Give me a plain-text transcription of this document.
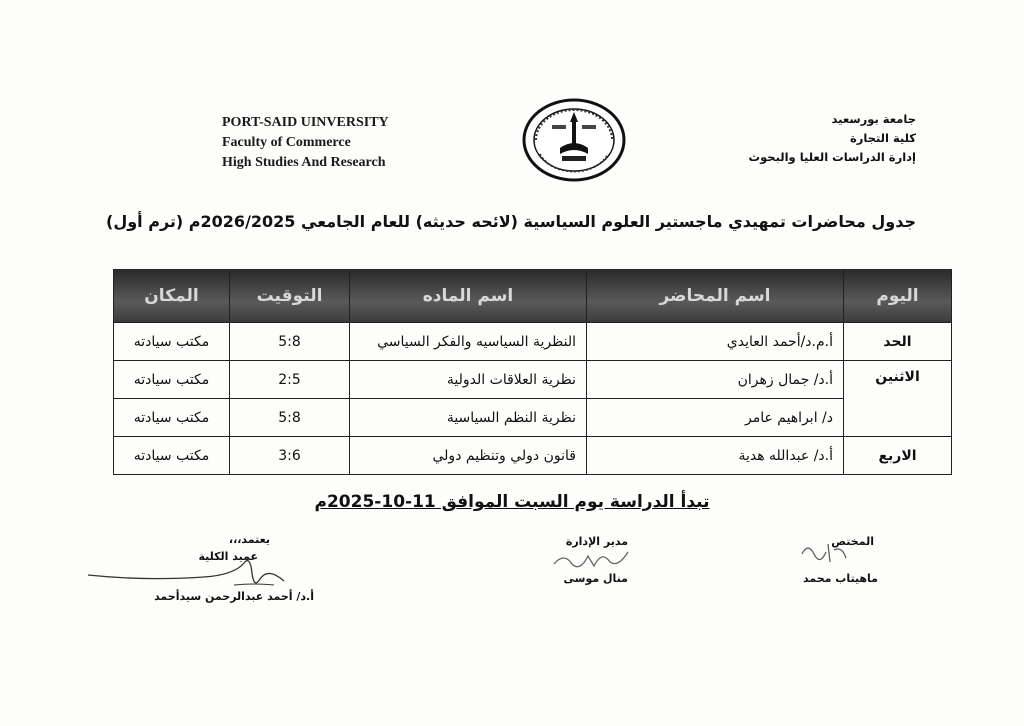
PORT-SAID UINVERSITY
Faculty of Commerce
High Studies And Research
جامعة بورسعيد
كلية التجارة
إدارة الدراسات العليا والبحوث
جدول محاضرات تمهيدي ماجستير العلوم السياسية (لائحه حديثه) للعام الجامعي 2026/2025م (ترم أول)
اليوم	اسم المحاضر	اسم الماده	التوقيت	المكان
الحد	أ.م.د/أحمد العايدي	النظرية السياسيه والفكر السياسي	5:8	مكتب سيادته
الاثنين	أ.د/ جمال زهران	نظرية العلاقات الدولية	2:5	مكتب سيادته
	د/ ابراهيم عامر	نظرية النظم السياسية	5:8	مكتب سيادته
الاربع	أ.د/ عبدالله هدية	قانون دولي وتنظيم دولي	3:6	مكتب سيادته
تبدأ الدراسة يوم السبت الموافق 11-10-2025م
المختص
ماهيتاب محمد
مدير الإدارة
منال موسى
يعتمد،،،
عميد الكلية
أ.د/ أحمد عبدالرحمن سيدأحمد
